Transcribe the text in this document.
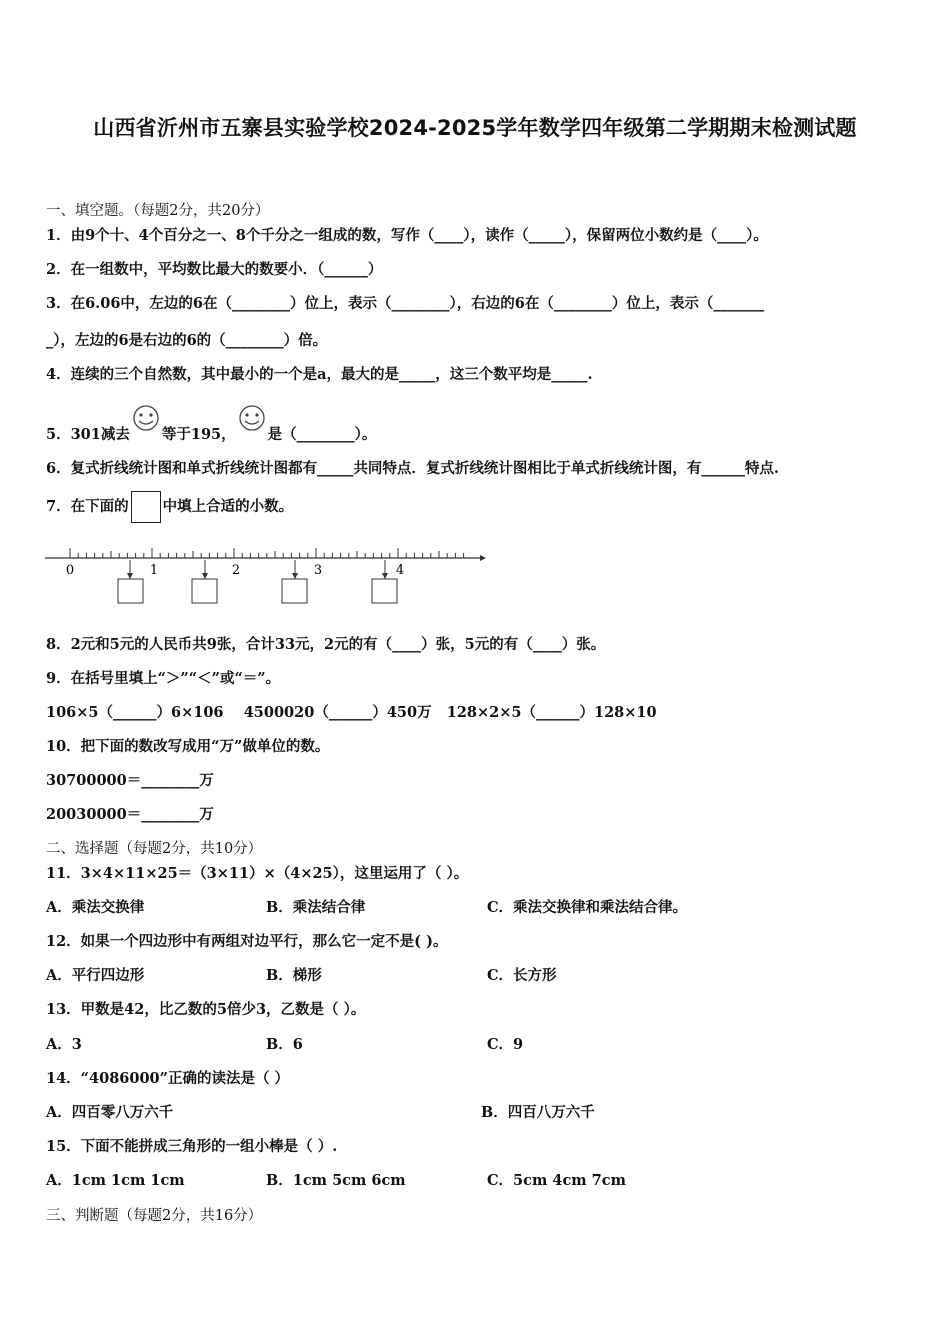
山西省沂州市五寨县实验学校2024-2025学年数学四年级第二学期期末检测试题
一、填空题。（每题2分，共20分）
1．由9个十、4个百分之一、8个千分之一组成的数，写作（____），读作（_____），保留两位小数约是（____）。
2．在一组数中，平均数比最大的数要小．（______）
3．在6.06中，左边的6在（________）位上，表示（________），右边的6在（________）位上，表示（_______
_），左边的6是右边的6的（________）倍。
4．连续的三个自然数，其中最小的一个是a，最大的是_____，这三个数平均是_____.
5．301减去 等于195， 是（________）。
6．复式折线统计图和单式折线统计图都有_____共同特点．复式折线统计图相比于单式折线统计图，有______特点.
7．在下面的 中填上合适的小数。
0	1	2	3	4
8．2元和5元的人民币共9张，合计33元，2元的有（____）张，5元的有（____）张。
9．在括号里填上“＞”“＜”或“＝”。
106×5（______）6×106    4500020（______）450万   128×2×5（______）128×10
10．把下面的数改写成用“万”做单位的数。
30700000＝________万
20030000＝________万
二、选择题（每题2分，共10分）
11．3×4×11×25＝（3×11）×（4×25），这里运用了（ ）。
A．乘法交换律	B．乘法结合律	C．乘法交换律和乘法结合律。
12．如果一个四边形中有两组对边平行，那么它一定不是( )。
A．平行四边形	B．梯形	C．长方形
13．甲数是42，比乙数的5倍少3，乙数是（ ）。
A．3	B．6	C．9
14．“4086000”正确的读法是（ ）
A．四百零八万六千	B．四百八万六千
15．下面不能拼成三角形的一组小棒是（ ）.
A．1cm 1cm 1cm	B．1cm 5cm 6cm	C．5cm 4cm 7cm
三、判断题（每题2分，共16分）
